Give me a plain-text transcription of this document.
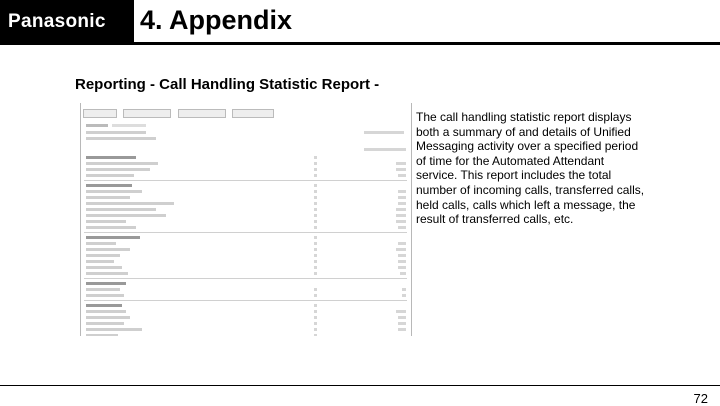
Panasonic 4. Appendix
Reporting - Call Handling Statistic Report -

The call handling statistic report displays both a summary of and details of Unified Messaging activity over a specified period of time for the Automated Attendant service. This report includes the total number of incoming calls, transferred calls, held calls, calls which left a message, the result of transferred calls, etc.
72
